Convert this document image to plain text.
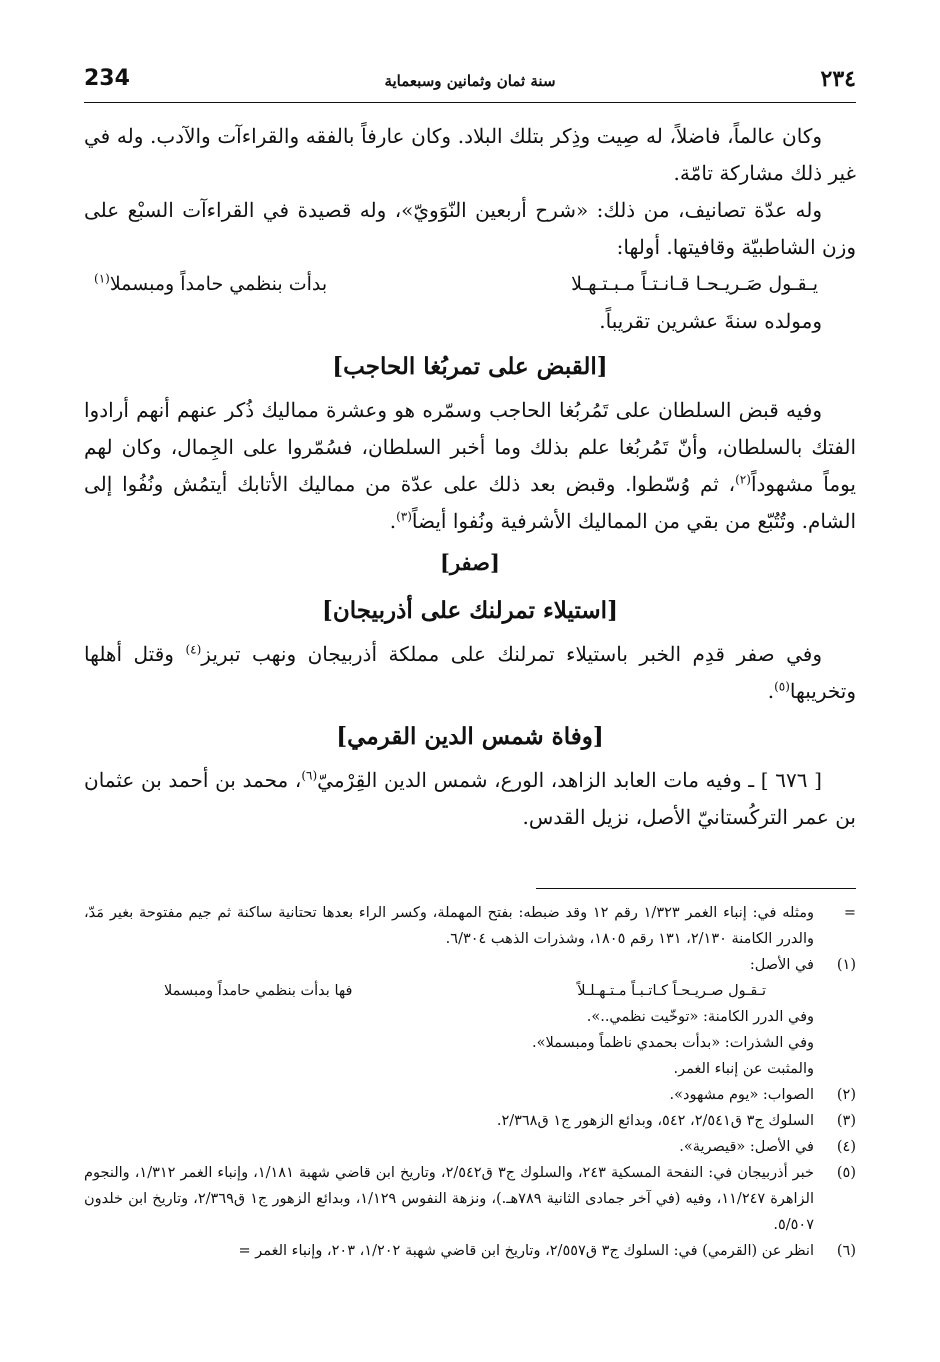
234	سنة ثمان وثمانين وسبعماية	٢٣٤

وكان عالماً، فاضلاً، له صِيت وذِكر بتلك البلاد. وكان عارفاً بالفقه والقراءآت والآدب. وله في غير ذلك مشاركة تامّة.

وله عدّة تصانيف، من ذلك: «شرح أربعين النّوَويّ»، وله قصيدة في القراءآت السبْع على وزن الشاطبيّة وقافيتها. أولها:

يـقـول صَـريـحـا قـانـتـاً مـبـتـهـلا
بدأت بنظمي حامداً ومبسملا$^{(١)}$

ومولده سنةَ عشرين تقريباً.

[القبض على تمربُغا الحاجب]

وفيه قبض السلطان على تَمُربُغا الحاجب وسمّره هو وعشرة مماليك ذُكر عنهم أنهم أرادوا الفتك بالسلطان، وأنّ تَمُربُغا علم بذلك وما أخبر السلطان، فسُمّروا على الجِمال، وكان لهم يوماً مشهوداً$^{(٢)}$، ثم وُسّطوا. وقبض بعد ذلك على عدّة من مماليك الأتابك أيتمُش ونُفُوا إلى الشام. وتُتُبّع من بقي من المماليك الأشرفية ونُفوا أيضاً$^{(٣)}$.

[صفر]
[استيلاء تمرلنك على أذربيجان]

وفي صفر قدِم الخبر باستيلاء تمرلنك على مملكة أذربيجان ونهب تبريز$^{(٤)}$ وقتل أهلها وتخريبها$^{(٥)}$.

[وفاة شمس الدين القرمي]

[ ٦٧٦ ] ـ وفيه مات العابد الزاهد، الورع، شمس الدين القِرْميّ$^{(٦)}$، محمد بن أحمد بن عثمان بن عمر التركُستانيّ الأصل، نزيل القدس.

=
ومثله في: إنباء الغمر ١/٣٢٣ رقم ١٢ وقد ضبطه: بفتح المهملة، وكسر الراء بعدها تحتانية ساكنة ثم جيم مفتوحة بغير مَدّ، والدرر الكامنة ٢/١٣٠، ١٣١ رقم ١٨٠٥، وشذرات الذهب ٦/٣٠٤.
(١)
في الأصل:
تـقـول صـريـحـاً كـاتـبـاً مـتـهـلـلاً
فها بدأت بنظمي حامداً ومبسملا
وفي الدرر الكامنة: «توخّيت نظمي..».
وفي الشذرات: «بدأت بحمدي ناظماً ومبسملا».
والمثبت عن إنباء الغمر.
(٢)
الصواب: «يوم مشهود».
(٣)
السلوك ج٣ ق٢/٥٤١، ٥٤٢، وبدائع الزهور ج١ ق٢/٣٦٨.
(٤)
في الأصل: «قيصرية».
(٥)
خبر أذربيجان في: النفحة المسكية ٢٤٣، والسلوك ج٣ ق٢/٥٤٢، وتاريخ ابن قاضي شهبة ١/١٨١، وإنباء الغمر ١/٣١٢، والنجوم الزاهرة ١١/٢٤٧، وفيه (في آخر جمادى الثانية ٧٨٩هـ.)، ونزهة النفوس ١/١٢٩، وبدائع الزهور ج١ ق٢/٣٦٩، وتاريخ ابن خلدون ٥/٥٠٧.
(٦)
انظر عن (القرمي) في: السلوك ج٣ ق٢/٥٥٧، وتاريخ ابن قاضي شهبة ١/٢٠٢، ٢٠٣، وإنباء الغمر =
